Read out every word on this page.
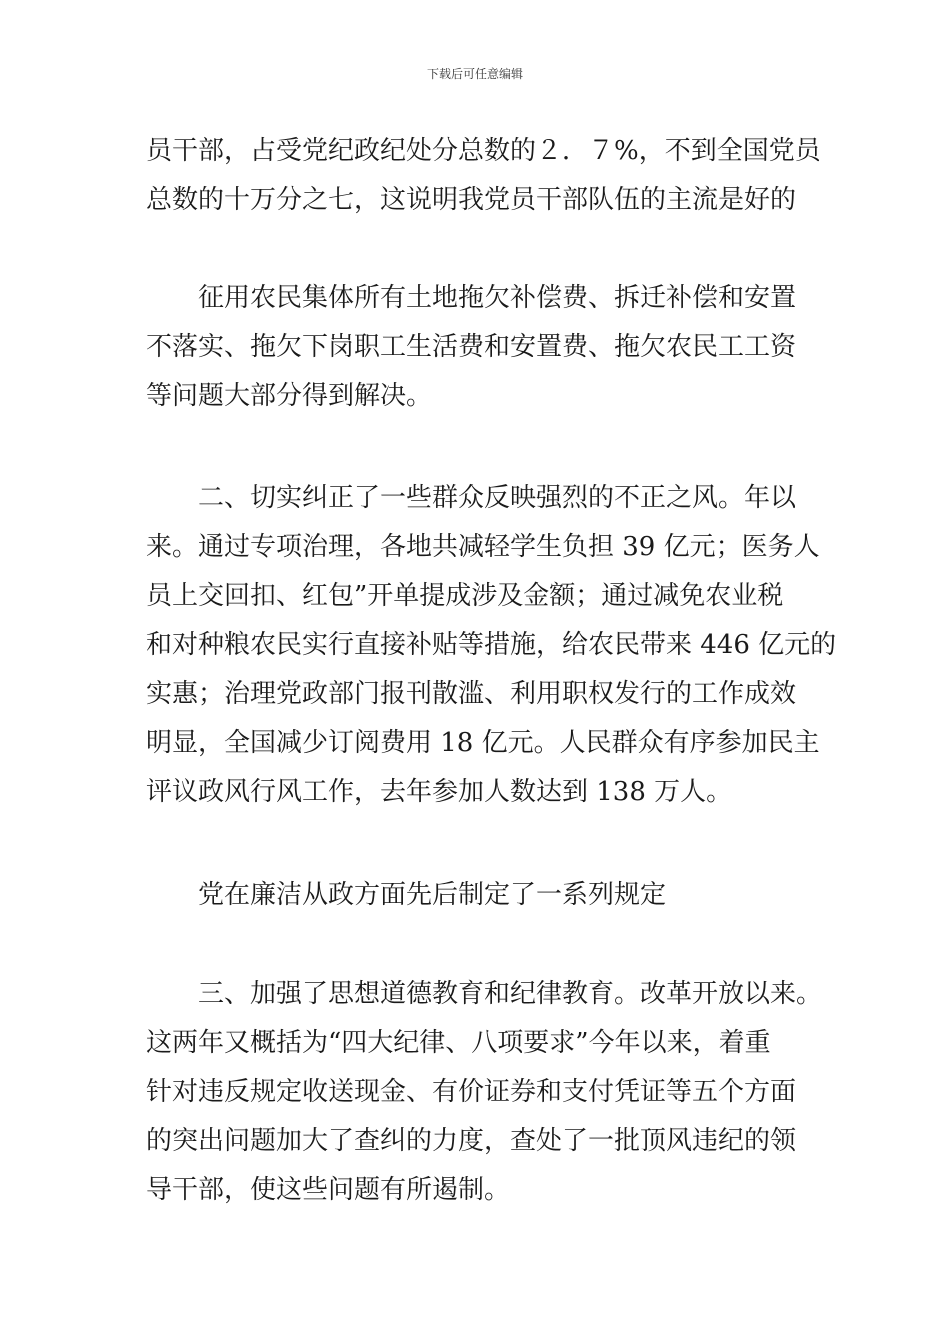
下载后可任意编辑
员干部，占受党纪政纪处分总数的２．７%，不到全国党员
总数的十万分之七，这说明我党员干部队伍的主流是好的
征用农民集体所有土地拖欠补偿费、拆迁补偿和安置
不落实、拖欠下岗职工生活费和安置费、拖欠农民工工资
等问题大部分得到解决。
二、切实纠正了一些群众反映强烈的不正之风。年以
来。通过专项治理，各地共减轻学生负担 39 亿元；医务人
员上交回扣、红包”开单提成涉及金额；通过减免农业税
和对种粮农民实行直接补贴等措施，给农民带来 446 亿元的
实惠；治理党政部门报刊散滥、利用职权发行的工作成效
明显，全国减少订阅费用 18 亿元。人民群众有序参加民主
评议政风行风工作，去年参加人数达到 138 万人。
党在廉洁从政方面先后制定了一系列规定
三、加强了思想道德教育和纪律教育。改革开放以来。
这两年又概括为“四大纪律、八项要求”今年以来，着重
针对违反规定收送现金、有价证券和支付凭证等五个方面
的突出问题加大了查纠的力度，查处了一批顶风违纪的领
导干部，使这些问题有所遏制。
